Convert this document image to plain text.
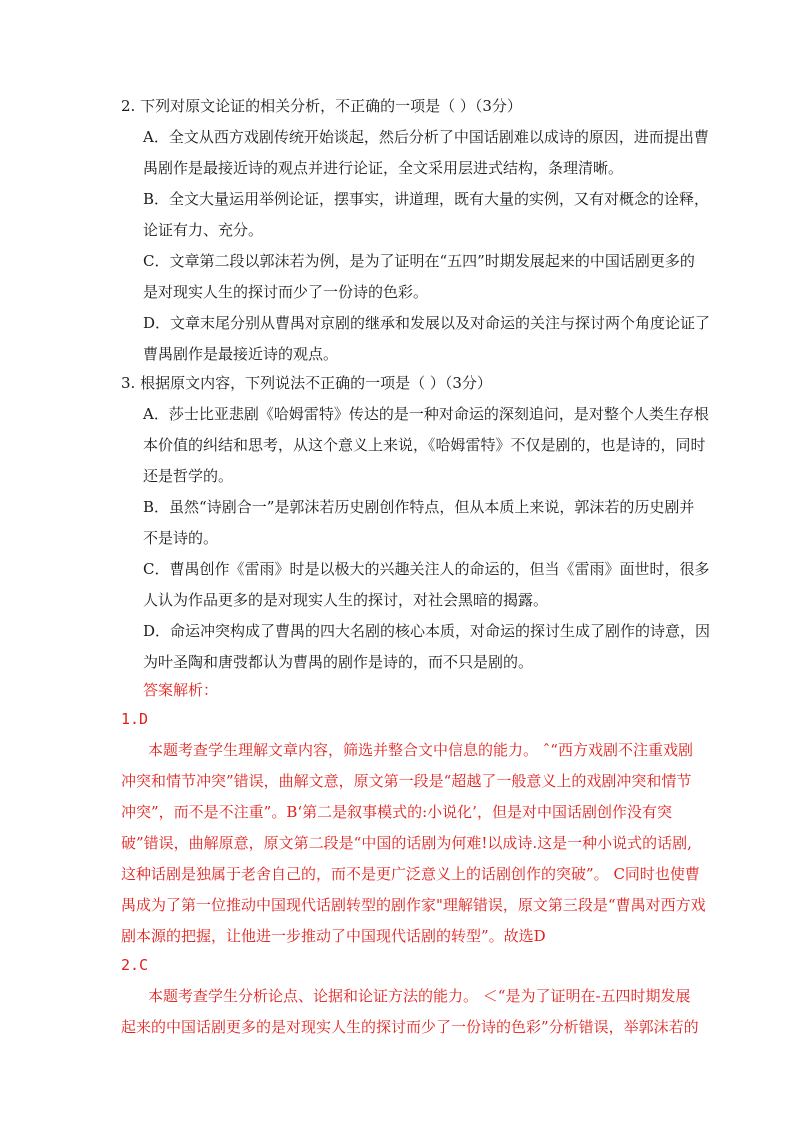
2. 下列对原文论证的相关分析，不正确的一项是（ ）（3分）
A．全文从西方戏剧传统开始谈起，然后分析了中国话剧难以成诗的原因，进而提出曹
禺剧作是最接近诗的观点并进行论证，全文采用层进式结构，条理清晰。
B．全文大量运用举例论证，摆事实，讲道理，既有大量的实例，又有对概念的诠释，
论证有力、充分。
C．文章第二段以郭沫若为例，是为了证明在“五四”时期发展起来的中国话剧更多的
是对现实人生的探讨而少了一份诗的色彩。
D．文章末尾分别从曹禺对京剧的继承和发展以及对命运的关注与探讨两个角度论证了
曹禺剧作是最接近诗的观点。
3. 根据原文内容，下列说法不正确的一项是（ ）（3分）
A．莎士比亚悲剧《哈姆雷特》传达的是一种对命运的深刻追问，是对整个人类生存根
本价值的纠结和思考，从这个意义上来说，《哈姆雷特》不仅是剧的，也是诗的，同时
还是哲学的。
B．虽然“诗剧合一”是郭沫若历史剧创作特点，但从本质上来说，郭沫若的历史剧并
不是诗的。
C．曹禺创作《雷雨》时是以极大的兴趣关注人的命运的，但当《雷雨》面世时，很多
人认为作品更多的是对现实人生的探讨，对社会黑暗的揭露。
D．命运冲突构成了曹禺的四大名剧的核心本质，对命运的探讨生成了剧作的诗意，因
为叶圣陶和唐弢都认为曹禺的剧作是诗的，而不只是剧的。
答案解析：
1.D
本题考查学生理解文章内容，筛选并整合文中信息的能力。 ˆ“西方戏剧不注重戏剧
冲突和情节冲突”错误，曲解文意，原文第一段是“超越了一般意义上的戏剧冲突和情节
冲突”，而不是不注重”。B‘第二是叙事模式的:小说化’，但是对中国话剧创作没有突
破”错误，曲解原意，原文第二段是“中国的话剧为何难!以成诗.这是一种小说式的话剧,
这种话剧是独属于老舍自己的，而不是更广泛意义上的话剧创作的突破”。 C同时也使曹
禺成为了第一位推动中国现代话剧转型的剧作家"理解错误，原文第三段是“曹禺对西方戏
剧本源的把握，让他进一步推动了中国现代话剧的转型”。故选D
2.C
本题考查学生分析论点、论据和论证方法的能力。 ＜“是为了证明在-五四时期发展
起来的中国话剧更多的是对现实人生的探讨而少了一份诗的色彩”分析错误，举郭沫若的
